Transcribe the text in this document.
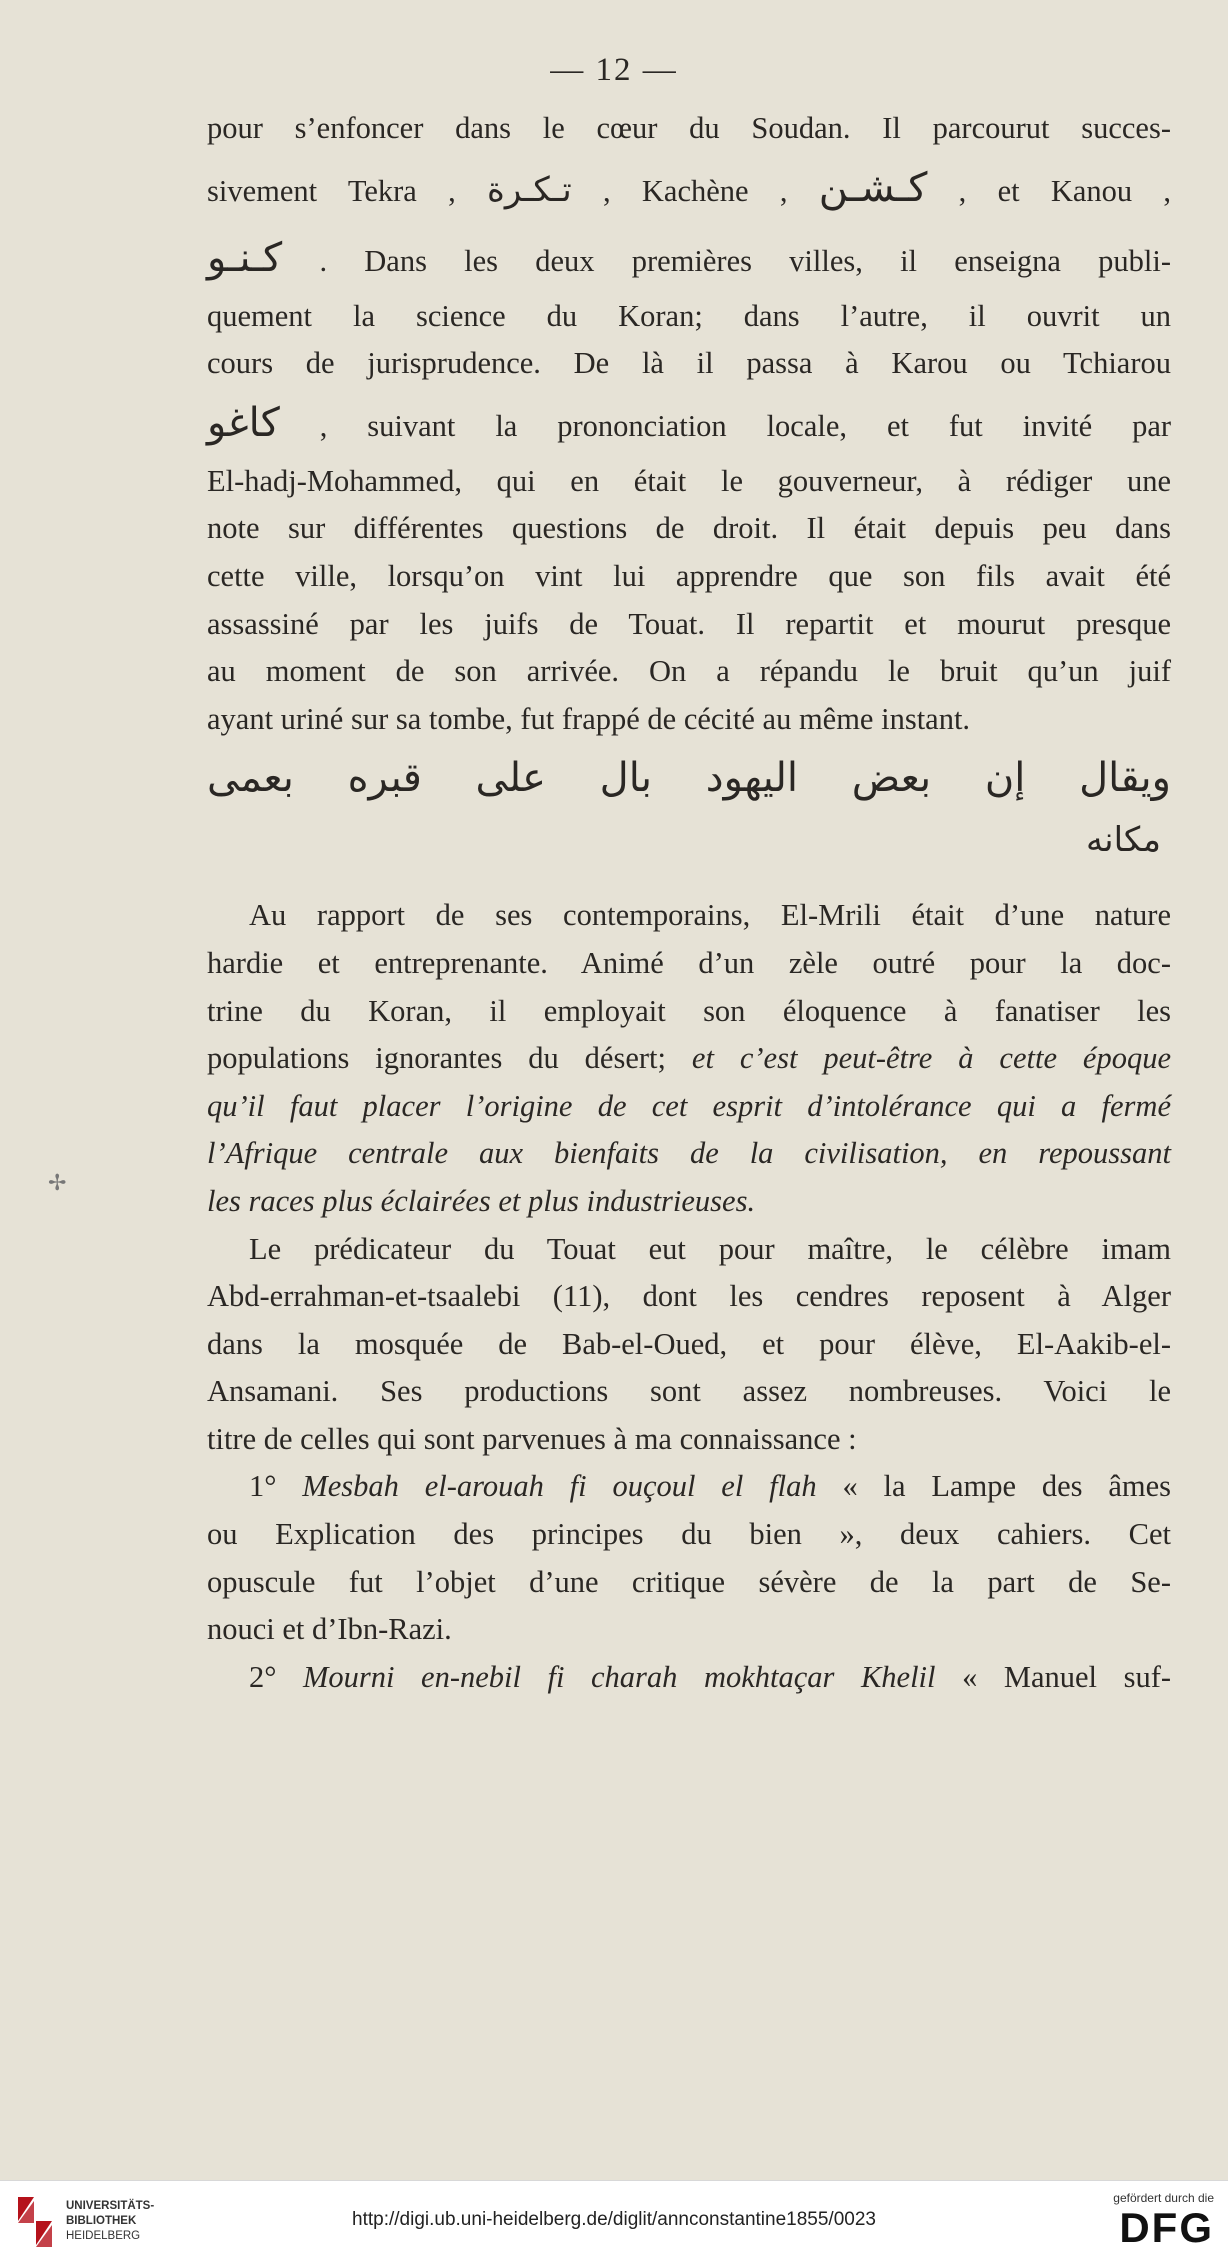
— 12 —
pour s’enfoncer dans le cœur du Soudan. Il parcourut succes-
sivement Tekra , تـكـرة , Kachène , كـشـن , et Kanou ,
كـنـو . Dans les deux premières villes, il enseigna publi-
quement la science du Koran; dans l’autre, il ouvrit un
cours de jurisprudence. De là il passa à Karou ou Tchiarou
كاغو , suivant la prononciation locale, et fut invité par
El-hadj-Mohammed, qui en était le gouverneur, à rédiger une
note sur différentes questions de droit. Il était depuis peu dans
cette ville, lorsqu’on vint lui apprendre que son fils avait été
assassiné par les juifs de Touat. Il repartit et mourut presque
au moment de son arrivée. On a répandu le bruit qu’un juif
ayant uriné sur sa tombe, fut frappé de cécité au même instant.
ويقال إن بعض اليهود بال على قبره بعمى
مكانه
Au rapport de ses contemporains, El-Mrili était d’une nature
hardie et entreprenante. Animé d’un zèle outré pour la doc-
trine du Koran, il employait son éloquence à fanatiser les
populations ignorantes du désert; et c’est peut-être à cette époque
qu’il faut placer l’origine de cet esprit d’intolérance qui a fermé
l’Afrique centrale aux bienfaits de la civilisation, en repoussant
les races plus éclairées et plus industrieuses.
Le prédicateur du Touat eut pour maître, le célèbre imam
Abd-errahman-et-tsaalebi (11), dont les cendres reposent à Alger
dans la mosquée de Bab-el-Oued, et pour élève, El-Aakib-el-
Ansamani. Ses productions sont assez nombreuses. Voici le
titre de celles qui sont parvenues à ma connaissance :
1° Mesbah el-arouah fi ouçoul el flah « la Lampe des âmes
ou Explication des principes du bien », deux cahiers. Cet
opuscule fut l’objet d’une critique sévère de la part de Se-
nouci et d’Ibn-Razi.
2° Mourni en-nebil fi charah mokhtaçar Khelil « Manuel suf-
✢
UNIVERSITÄTS-
BIBLIOTHEK
HEIDELBERG
http://digi.ub.uni-heidelberg.de/diglit/annconstantine1855/0023
gefördert durch die
DFG
